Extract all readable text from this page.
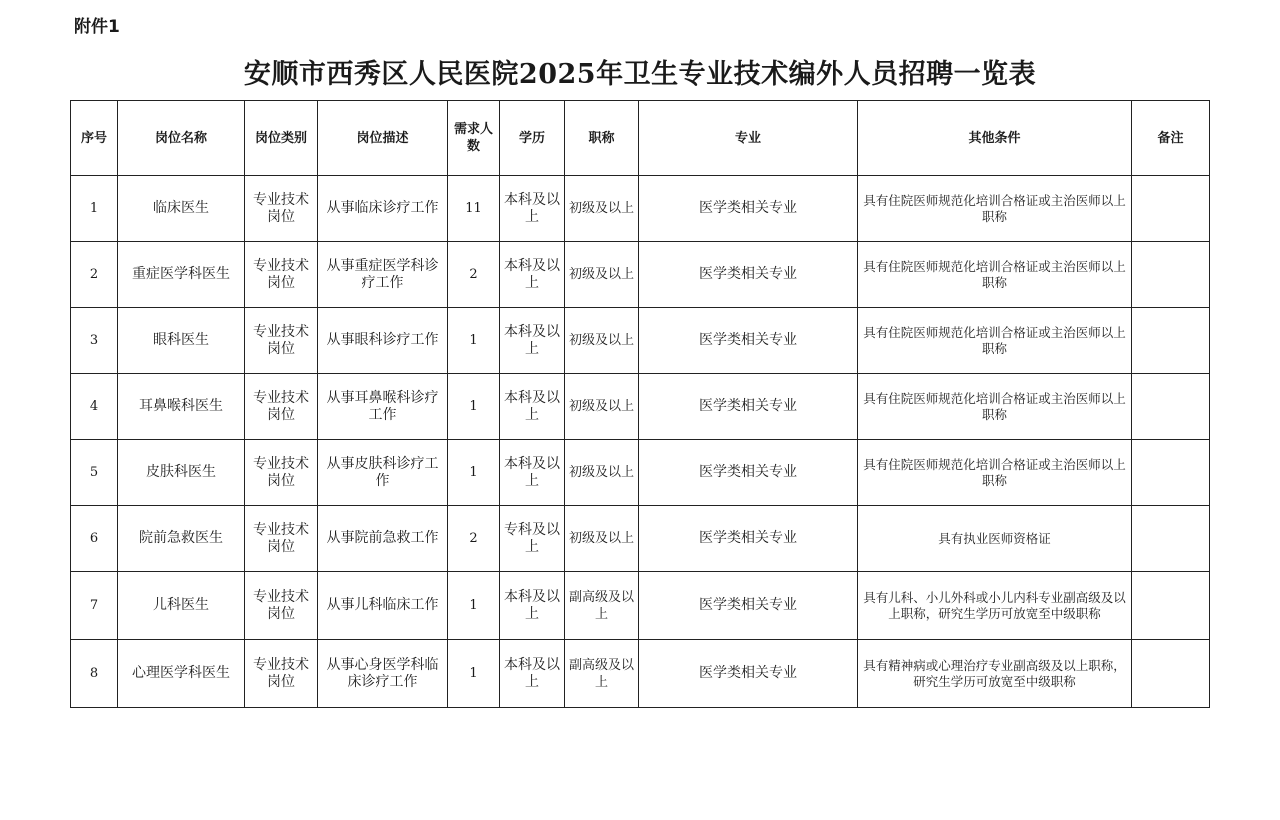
附件1
安顺市西秀区人民医院2025年卫生专业技术编外人员招聘一览表
序号	岗位名称	岗位类别	岗位描述	需求人数	学历	职称	专业	其他条件	备注
1	临床医生	专业技术岗位	从事临床诊疗工作	11	本科及以上	初级及以上	医学类相关专业	具有住院医师规范化培训合格证或主治医师以上职称	
2	重症医学科医生	专业技术岗位	从事重症医学科诊疗工作	2	本科及以上	初级及以上	医学类相关专业	具有住院医师规范化培训合格证或主治医师以上职称	
3	眼科医生	专业技术岗位	从事眼科诊疗工作	1	本科及以上	初级及以上	医学类相关专业	具有住院医师规范化培训合格证或主治医师以上职称	
4	耳鼻喉科医生	专业技术岗位	从事耳鼻喉科诊疗工作	1	本科及以上	初级及以上	医学类相关专业	具有住院医师规范化培训合格证或主治医师以上职称	
5	皮肤科医生	专业技术岗位	从事皮肤科诊疗工作	1	本科及以上	初级及以上	医学类相关专业	具有住院医师规范化培训合格证或主治医师以上职称	
6	院前急救医生	专业技术岗位	从事院前急救工作	2	专科及以上	初级及以上	医学类相关专业	具有执业医师资格证	
7	儿科医生	专业技术岗位	从事儿科临床工作	1	本科及以上	副高级及以上	医学类相关专业	具有儿科、小儿外科或小儿内科专业副高级及以上职称，研究生学历可放宽至中级职称	
8	心理医学科医生	专业技术岗位	从事心身医学科临床诊疗工作	1	本科及以上	副高级及以上	医学类相关专业	具有精神病或心理治疗专业副高级及以上职称，研究生学历可放宽至中级职称	
